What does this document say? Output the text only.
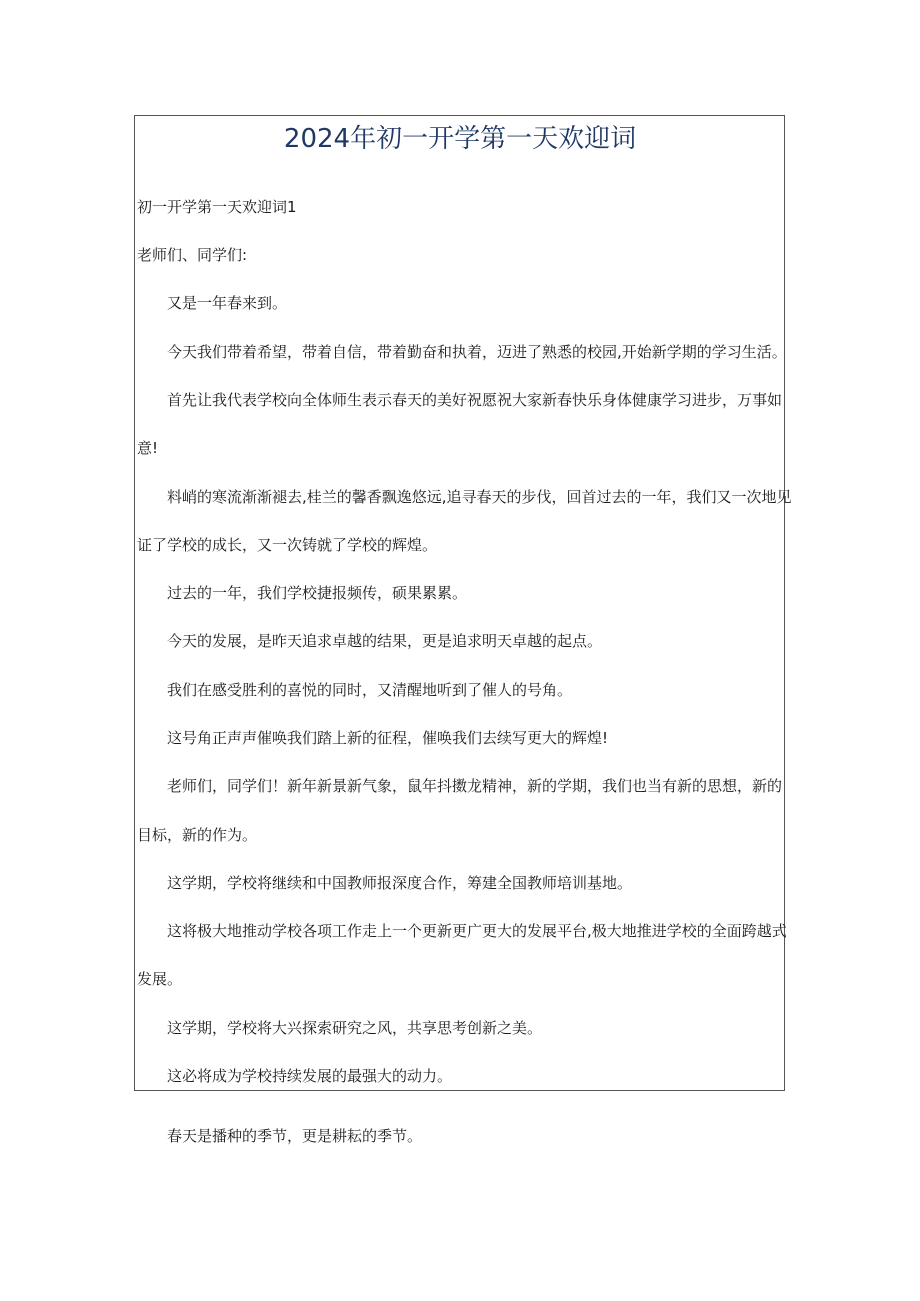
2024年初一开学第一天欢迎词

初一开学第一天欢迎词1

老师们、同学们:

又是一年春来到。

今天我们带着希望，带着自信，带着勤奋和执着，迈进了熟悉的校园,开始新学期的学习生活。

首先让我代表学校向全体师生表示春天的美好祝愿祝大家新春快乐身体健康学习进步，万事如

意!

料峭的寒流渐渐褪去,桂兰的馨香飘逸悠远,追寻春天的步伐，回首过去的一年，我们又一次地见

证了学校的成长，又一次铸就了学校的辉煌。

过去的一年，我们学校捷报频传，硕果累累。

今天的发展，是昨天追求卓越的结果，更是追求明天卓越的起点。

我们在感受胜利的喜悦的同时，又清醒地听到了催人的号角。

这号角正声声催唤我们踏上新的征程，催唤我们去续写更大的辉煌!

老师们，同学们！新年新景新气象，鼠年抖擞龙精神，新的学期，我们也当有新的思想，新的

目标，新的作为。

这学期，学校将继续和中国教师报深度合作，筹建全国教师培训基地。

这将极大地推动学校各项工作走上一个更新更广更大的发展平台,极大地推进学校的全面跨越式

发展。

这学期，学校将大兴探索研究之风，共享思考创新之美。

这必将成为学校持续发展的最强大的动力。

春天是播种的季节，更是耕耘的季节。
